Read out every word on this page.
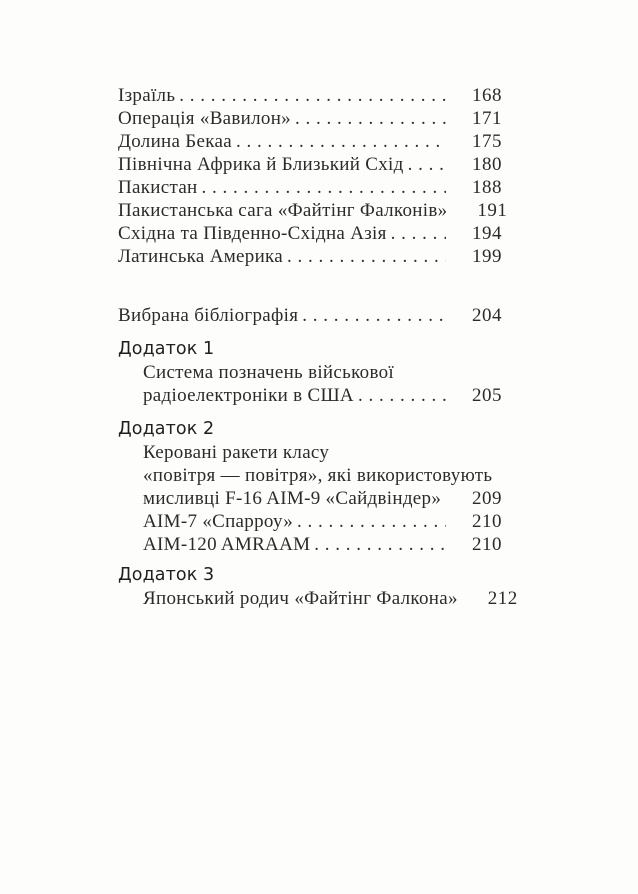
Ізраїль . . .	168
Операція «Вавилон» . . .	171
Долина Бекаа . . .	175
Північна Африка й Близький Схід . . .	180
Пакистан . . .	188
Пакистанська сага «Файтінг Фалконів»	191
Східна та Південно-Східна Азія . . .	194
Латинська Америка . . .	199
Вибрана бібліографія . . .	204
Додаток 1
Система позначень військової
радіоелектроніки в США . . .	205
Додаток 2
Керовані ракети класу
«повітря — повітря», які використовують
мисливці F-16 AIM-9 «Сайдвіндер» . . .	209
AIM-7 «Спарроу» . . .	210
AIM-120 AMRAAM . . .	210
Додаток 3
Японський родич «Файтінг Фалкона»	212
